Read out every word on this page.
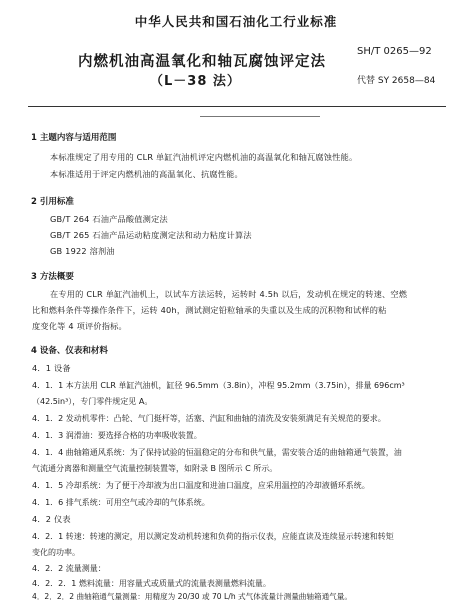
中华人民共和国石油化工行业标准
内燃机油高温氧化和轴瓦腐蚀评定法
（L－38 法）
SH/T 0265—92
代替 SY 2658—84
1 主题内容与适用范围
本标准规定了用专用的 CLR 单缸汽油机评定内燃机油的高温氧化和轴瓦腐蚀性能。
本标准适用于评定内燃机油的高温氧化、抗腐性能。
2 引用标准
GB/T 264 石油产品酸值测定法
GB/T 265 石油产品运动粘度测定法和动力粘度计算法
GB 1922 溶剂油
3 方法概要
在专用的 CLR 单缸汽油机上，以试车方法运转，运转时 4.5h 以后，发动机在规定的转速、空燃
比和燃料条件等操作条件下，运转 40h，测试测定铅粒轴承的失重以及生成的沉积物和试样的粘
度变化等 4 项评价指标。
4 设备、仪表和材料
4．1 设备
4．1．1 本方法用 CLR 单缸汽油机，缸径 96.5mm（3.8in），冲程 95.2mm（3.75in），排量 696cm³
（42.5in³），专门零件规定见 A。
4．1．2 发动机零件：凸轮、气门挺杆等，活塞、汽缸和曲轴的清洗及安装须满足有关规范的要求。
4．1．3 润滑油：要选择合格的功率吸收装置。
4．1．4 曲轴箱通风系统：为了保持试验的恒温稳定的分布和供气量，需安装合适的曲轴箱通气装置，油
气流通分离器和测量空气流量控制装置等，如附录 B 图所示 C 所示。
4．1．5 冷却系统：为了便于冷却液为出口温度和进油口温度，应采用温控的冷却液循环系统。
4．1．6 排气系统：可用空气或冷却的气体系统。
4．2 仪表
4．2．1 转速：转速的测定，用以测定发动机转速和负荷的指示仪表，应能直读及连续显示转速和转矩
变化的功率。
4．2．2 流量测量：
4．2．2．1 燃料流量：用容量式或质量式的流量表测量燃料流量。
4．2．2．2 曲轴箱通气量测量：用精度为 20/30 或 70 L/h 式气体流量计测量曲轴箱通气量。
